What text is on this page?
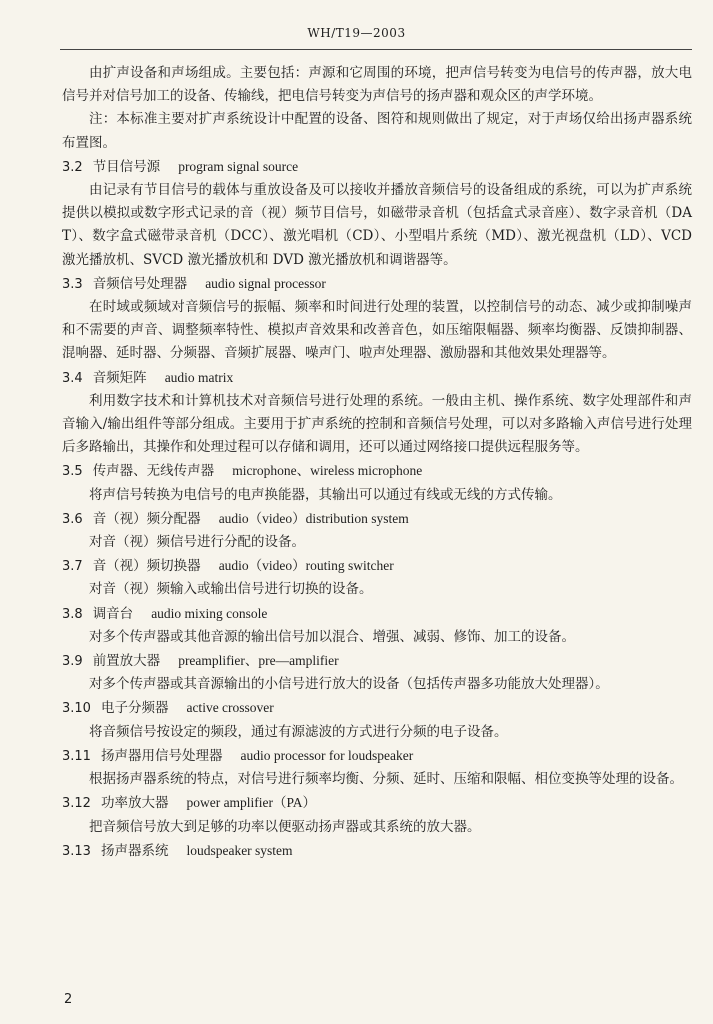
WH/T19—2003

由扩声设备和声场组成。主要包括：声源和它周围的环境，把声信号转变为电信号的传声器，放大电信号并对信号加工的设备、传输线，把电信号转变为声信号的扬声器和观众区的声学环境。

注：本标准主要对扩声系统设计中配置的设备、图符和规则做出了规定，对于声场仅给出扬声器系统布置图。

3.2 节目信号源 program signal source

由记录有节目信号的载体与重放设备及可以接收并播放音频信号的设备组成的系统，可以为扩声系统提供以模拟或数字形式记录的音（视）频节目信号，如磁带录音机（包括盒式录音座）、数字录音机（DAT）、数字盒式磁带录音机（DCC）、激光唱机（CD）、小型唱片系统（MD）、激光视盘机（LD）、VCD 激光播放机、SVCD 激光播放机和 DVD 激光播放机和调谐器等。

3.3 音频信号处理器 audio signal processor

在时域或频域对音频信号的振幅、频率和时间进行处理的装置，以控制信号的动态、减少或抑制噪声和不需要的声音、调整频率特性、模拟声音效果和改善音色，如压缩限幅器、频率均衡器、反馈抑制器、混响器、延时器、分频器、音频扩展器、噪声门、啦声处理器、激励器和其他效果处理器等。

3.4 音频矩阵 audio matrix

利用数字技术和计算机技术对音频信号进行处理的系统。一般由主机、操作系统、数字处理部件和声音输入/输出组件等部分组成。主要用于扩声系统的控制和音频信号处理，可以对多路输入声信号进行处理后多路输出，其操作和处理过程可以存储和调用，还可以通过网络接口提供远程服务等。

3.5 传声器、无线传声器 microphone、wireless microphone

将声信号转换为电信号的电声换能器，其输出可以通过有线或无线的方式传输。

3.6 音（视）频分配器 audio（video）distribution system

对音（视）频信号进行分配的设备。

3.7 音（视）频切换器 audio（video）routing switcher

对音（视）频输入或输出信号进行切换的设备。

3.8 调音台 audio mixing console

对多个传声器或其他音源的输出信号加以混合、增强、减弱、修饰、加工的设备。

3.9 前置放大器 preamplifier、pre—amplifier

对多个传声器或其音源输出的小信号进行放大的设备（包括传声器多功能放大处理器）。

3.10 电子分频器 active crossover

将音频信号按设定的频段，通过有源滤波的方式进行分频的电子设备。

3.11 扬声器用信号处理器 audio processor for loudspeaker

根据扬声器系统的特点，对信号进行频率均衡、分频、延时、压缩和限幅、相位变换等处理的设备。

3.12 功率放大器 power amplifier（PA）

把音频信号放大到足够的功率以便驱动扬声器或其系统的放大器。

3.13 扬声器系统 loudspeaker system
2
